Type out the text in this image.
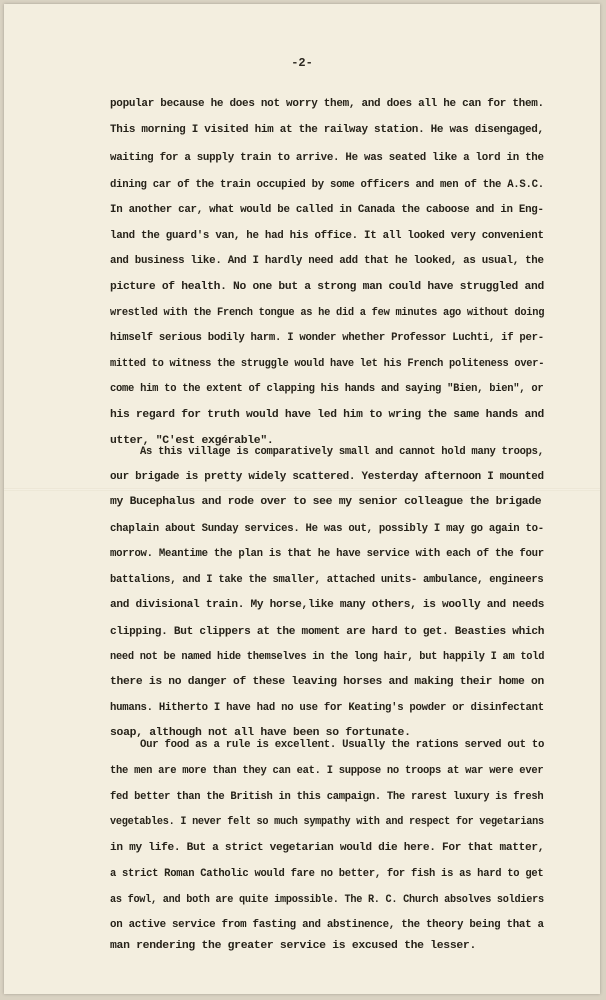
-2-
popular because he does not worry them, and does all he can for them.
This morning I visited him at the railway station. He was disengaged,
waiting for a supply train to arrive. He was seated like a lord in the
dining car of the train occupied by some officers and men of the A.S.C.
In another car, what would be called in Canada the caboose and in Eng-
land the guard's van, he had his office. It all looked very convenient
and business like. And I hardly need add that he looked, as usual, the
picture of health. No one but a strong man could have struggled and
wrestled with the French tongue as he did a few minutes ago without doing
himself serious bodily harm. I wonder whether Professor Luchti, if per-
mitted to witness the struggle would have let his French politeness over-
come him to the extent of clapping his hands and saying "Bien, bien", or
his regard for truth would have led him to wring the same hands and
utter, "C'est exgérable".
As this village is comparatively small and cannot hold many troops,
our brigade is pretty widely scattered. Yesterday afternoon I mounted
my Bucephalus and rode over to see my senior colleague the brigade
chaplain about Sunday services. He was out, possibly I may go again to-
morrow. Meantime the plan is that he have service with each of the four
battalions, and I take the smaller, attached units- ambulance, engineers
and divisional train. My horse,like many others, is woolly and needs
clipping. But clippers at the moment are hard to get. Beasties which
need not be named hide themselves in the long hair, but happily I am told
there is no danger of these leaving horses and making their home on
humans. Hitherto I have had no use for Keating's powder or disinfectant
soap, although not all have been so fortunate.
Our food as a rule is excellent. Usually the rations served out to
the men are more than they can eat. I suppose no troops at war were ever
fed better than the British in this campaign. The rarest luxury is fresh
vegetables. I never felt so much sympathy with and respect for vegetarians
in my life. But a strict vegetarian would die here. For that matter,
a strict Roman Catholic would fare no better, for fish is as hard to get
as fowl, and both are quite impossible. The R. C. Church absolves soldiers
on active service from fasting and abstinence, the theory being that a
man rendering the greater service is excused the lesser.
